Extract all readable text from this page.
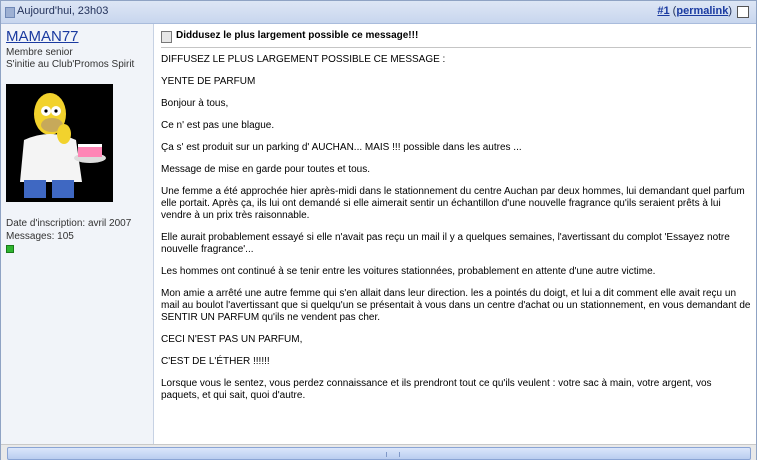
Aujourd'hui, 23h03	#1 (permalink)
MAMAN77
Membre senior
S'initie au Club'Promos Spirit
Date d'inscription: avril 2007
Messages: 105
Diddusez le plus largement possible ce message!!!

DIFFUSEZ LE PLUS LARGEMENT POSSIBLE CE MESSAGE :

YENTE DE PARFUM

Bonjour à tous,

Ce n' est pas une blague.

Ça s' est produit sur un parking d' AUCHAN... MAIS !!! possible dans les autres ...

Message de mise en garde pour toutes et tous.

Une femme a été approchée hier après-midi dans le stationnement du centre Auchan par deux hommes, lui demandant quel parfum elle portait. Après ça, ils lui ont demandé si elle aimerait sentir un échantillon d'une nouvelle fragrance qu'ils seraient prêts à lui vendre à un prix très raisonnable.

Elle aurait probablement essayé si elle n'avait pas reçu un mail il y a quelques semaines, l'avertissant du complot 'Essayez notre nouvelle fragrance'...

Les hommes ont continué à se tenir entre les voitures stationnées, probablement en attente d'une autre victime.

Mon amie a arrêté une autre femme qui s'en allait dans leur direction. les a pointés du doigt, et lui a dit comment elle avait reçu un mail au boulot l'avertissant que si quelqu'un se présentait à vous dans un centre d'achat ou un stationnement, en vous demandant de SENTIR UN PARFUM qu'ils ne vendent pas cher.

CECI N'EST PAS UN PARFUM,

C'EST DE L'ÉTHER !!!!!!

Lorsque vous le sentez, vous perdez connaissance et ils prendront tout ce qu'ils veulent : votre sac à main, votre argent, vos paquets, et qui sait, quoi d'autre.
